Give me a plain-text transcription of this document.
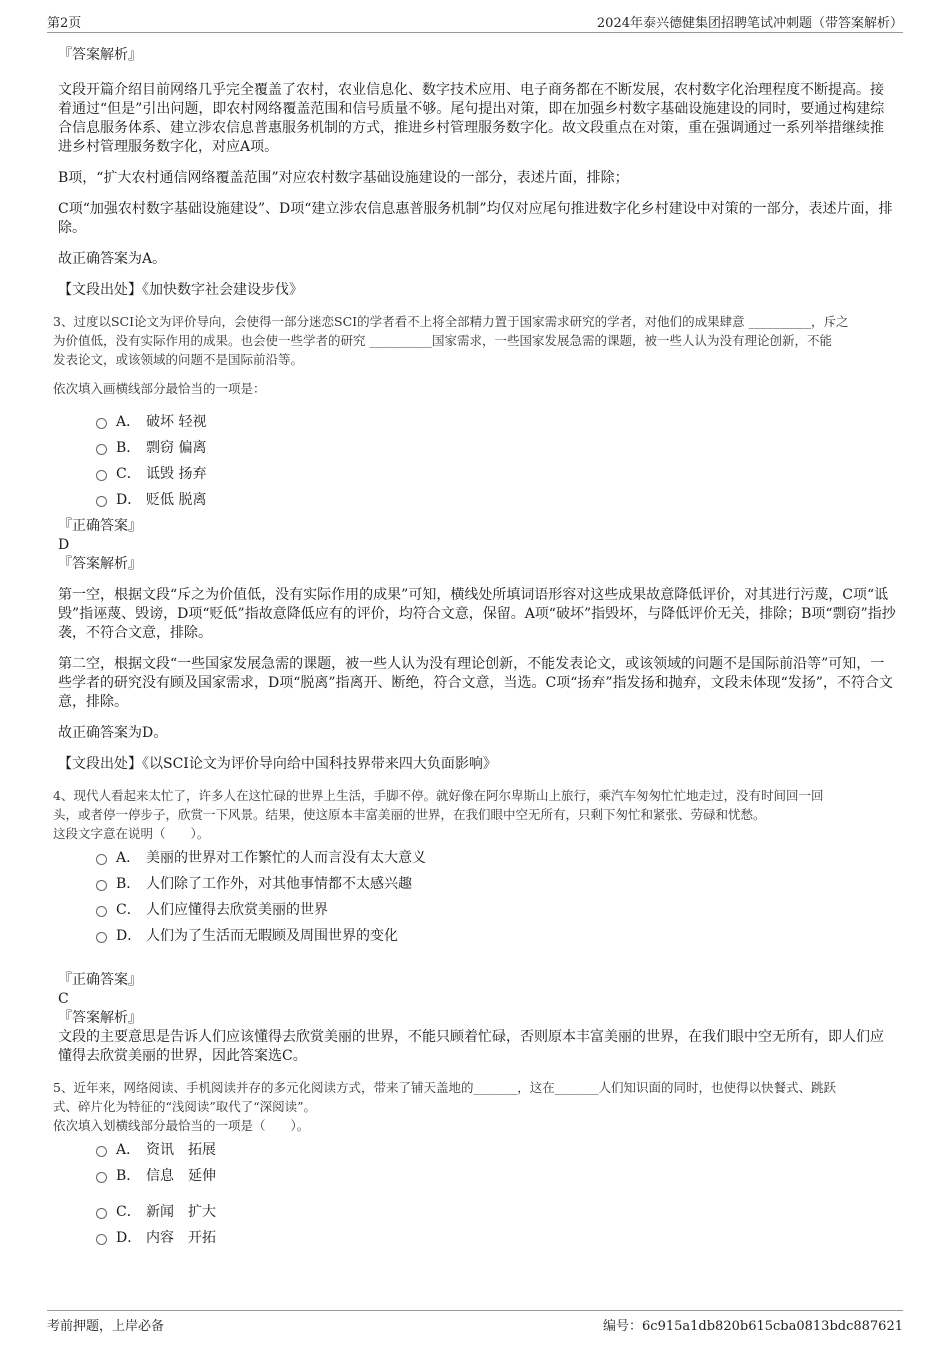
第2页	2024年泰兴德健集团招聘笔试冲刺题（带答案解析）
『答案解析』

文段开篇介绍目前网络几乎完全覆盖了农村，农业信息化、数字技术应用、电子商务都在不断发展，农村数字化治理程度不断提高。接着通过“但是”引出问题，即农村网络覆盖范围和信号质量不够。尾句提出对策，即在加强乡村数字基础设施建设的同时，要通过构建综合信息服务体系、建立涉农信息普惠服务机制的方式，推进乡村管理服务数字化。故文段重点在对策，重在强调通过一系列举措继续推进乡村管理服务数字化，对应A项。

B项，“扩大农村通信网络覆盖范围”对应农村数字基础设施建设的一部分，表述片面，排除；

C项“加强农村数字基础设施建设”、D项“建立涉农信息惠普服务机制”均仅对应尾句推进数字化乡村建设中对策的一部分，表述片面，排除。

故正确答案为A。

【文段出处】《加快数字社会建设步伐》
3、过度以SCI论文为评价导向，会使得一部分迷恋SCI的学者看不上将全部精力置于国家需求研究的学者，对他们的成果肆意 __________，斥之
为价值低，没有实际作用的成果。也会使一些学者的研究 __________国家需求，一些国家发展急需的课题，被一些人认为没有理论创新，不能
发表论文，或该领域的问题不是国际前沿等。
依次填入画横线部分最恰当的一项是：
A． 破坏 轻视
B． 剽窃 偏离
C． 诋毁 扬弃
D． 贬低 脱离
『正确答案』
D
『答案解析』

第一空，根据文段“斥之为价值低，没有实际作用的成果”可知，横线处所填词语形容对这些成果故意降低评价，对其进行污蔑，C项“诋毁”指诬蔑、毁谤，D项“贬低”指故意降低应有的评价，均符合文意，保留。A项“破坏”指毁坏，与降低评价无关，排除；B项“剽窃”指抄袭，不符合文意，排除。

第二空，根据文段“一些国家发展急需的课题，被一些人认为没有理论创新，不能发表论文，或该领域的问题不是国际前沿等”可知，一些学者的研究没有顾及国家需求，D项“脱离”指离开、断绝，符合文意，当选。C项“扬弃”指发扬和抛弃，文段未体现“发扬”，不符合文意，排除。

故正确答案为D。

【文段出处】《以SCI论文为评价导向给中国科技界带来四大负面影响》
4、现代人看起来太忙了，许多人在这忙碌的世界上生活，手脚不停。就好像在阿尔卑斯山上旅行，乘汽车匆匆忙忙地走过，没有时间回一回
头，或者停一停步子，欣赏一下风景。结果，使这原本丰富美丽的世界，在我们眼中空无所有，只剩下匆忙和紧张、劳碌和忧愁。
这段文字意在说明（　　）。
A． 美丽的世界对工作繁忙的人而言没有太大意义
B． 人们除了工作外，对其他事情都不太感兴趣
C． 人们应懂得去欣赏美丽的世界
D． 人们为了生活而无暇顾及周围世界的变化
『正确答案』
C
『答案解析』

文段的主要意思是告诉人们应该懂得去欣赏美丽的世界，不能只顾着忙碌，否则原本丰富美丽的世界，在我们眼中空无所有，即人们应懂得去欣赏美丽的世界，因此答案选C。

5、近年来，网络阅读、手机阅读并存的多元化阅读方式，带来了铺天盖地的_______，这在_______人们知识面的同时，也使得以快餐式、跳跃
式、碎片化为特征的“浅阅读”取代了“深阅读”。
依次填入划横线部分最恰当的一项是（　　）。
A． 资讯　拓展
B． 信息　延伸
C． 新闻　扩大
D． 内容　开拓
考前押题，上岸必备	编号：6c915a1db820b615cba0813bdc887621
